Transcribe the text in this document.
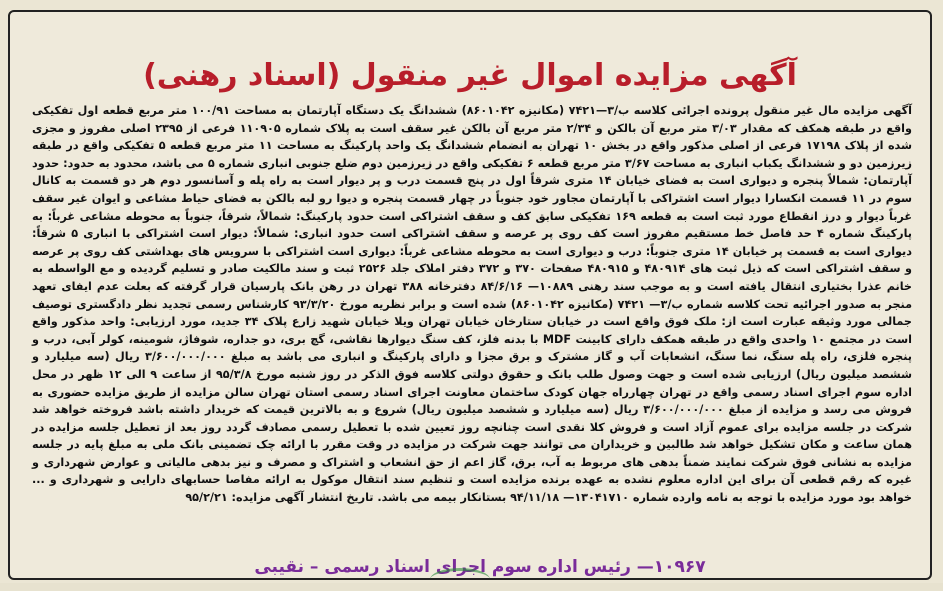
آگهی مزایده اموال غیر منقول (اسناد رهنی)
آگهی مزایده مال غیر منقول پرونده اجرائی کلاسه ب/۳—۷۴۲۱ (مکانیزه ۸۶۰۱۰۴۲) ششدانگ یک دستگاه آپارتمان به مساحت ۱۰۰/۹۱ متر مربع قطعه اول تفکیکی واقع در طبقه همکف که مقدار ۳/۰۳ متر مربع آن بالکن و ۲/۳۴ متر مربع آن بالکن غیر سقف است به پلاک شماره ۱۱۰۹۰۵ فرعی از ۲۳۹۵ اصلی مفروز و مجزی شده از پلاک ۱۷۱۹۸ فرعی از اصلی مذکور واقع در بخش ۱۰ تهران به انضمام ششدانگ یک واحد پارکینگ به مساحت ۱۱ متر مربع قطعه ۵ تفکیکی واقع در طبقه زیرزمین دو و ششدانگ یکباب انباری به مساحت ۳/۶۷ متر مربع قطعه ۶ تفکیکی واقع در زیرزمین دوم ضلع جنوبی انباری شماره ۵ می باشد، محدود به حدود: حدود آپارتمان: شمالاً پنجره و دیواری است به فضای خیابان ۱۴ متری شرقاً اول در پنج قسمت درب و پر دیوار است به راه پله و آسانسور دوم هر دو قسمت به کانال سوم در ۱۱ قسمت انکسارا دیوار است اشتراکی با آپارتمان مجاور خود جنوباً در چهار قسمت پنجره و دیوا رو لبه بالکن به فضای حیاط مشاعی و ایوان غیر سقف غرباً دیوار و درز انقطاع مورد ثبت است به قطعه ۱۶۹ تفکیکی سابق کف و سقف اشتراکی است حدود پارکینگ: شمالاً، شرقاً، جنوباً به محوطه مشاعی غرباً: به پارکینگ شماره ۴ حد فاصل خط مستقیم مفروز است کف روی پر عرصه و سقف اشتراکی است حدود انباری: شمالاً: دیوار است اشتراکی با انباری ۵ شرقاً: دیواری است به قسمت پر خیابان ۱۴ متری جنوباً: درب و دیواری است به محوطه مشاعی غرباً: دیواری است اشتراکی با سرویس های بهداشتی کف روی پر عرصه و سقف اشتراکی است که ذیل ثبت های ۴۸۰۹۱۴ و ۴۸۰۹۱۵ صفحات ۳۷۰ و ۳۷۲ دفتر املاک جلد ۲۵۲۶ ثبت و سند مالکیت صادر و تسلیم گردیده و مع الواسطه به خانم عذرا بختیاری انتقال یافته است و به موجب سند رهنی ۱۰۸۸۹— ۸۴/۶/۱۶ دفترخانه ۳۸۸ تهران در رهن بانک پارسیان قرار گرفته که بعلت عدم ایفای تعهد منجر به صدور اجرائیه تحت کلاسه شماره ب/۳— ۷۴۲۱ (مکانیزه ۸۶۰۱۰۴۲) شده است و برابر نظریه مورخ ۹۳/۳/۲۰ کارشناس رسمی تجدید نظر دادگستری توصیف جمالی مورد وثیقه عبارت است از: ملک فوق واقع است در خیابان ستارخان خیابان تهران ویلا خیابان شهید زارع پلاک ۳۴ جدید، مورد ارزیابی: واحد مذکور واقع است در مجتمع ۱۰ واحدی واقع در طبقه همکف دارای کابینت MDF با بدنه فلز، کف سنگ دیوارها نقاشی، گچ بری، دو جداره، شوفاژ، شومینه، کولر آبی، درب و پنجره فلزی، راه پله سنگ، نما سنگ، انشعابات آب و گاز مشترک و برق مجزا و دارای پارکینگ و انباری می باشد به مبلغ ۳/۶۰۰/۰۰۰/۰۰۰ ریال (سه میلیارد و ششصد میلیون ریال) ارزیابی شده است و جهت وصول طلب بانک و حقوق دولتی کلاسه فوق الذکر در روز شنبه مورخ ۹۵/۳/۸ از ساعت ۹ الی ۱۲ ظهر در محل اداره سوم اجرای اسناد رسمی واقع در تهران چهارراه جهان کودک ساختمان معاونت اجرای اسناد رسمی استان تهران سالن مزایده از طریق مزایده حضوری به فروش می رسد و مزایده از مبلغ ۳/۶۰۰/۰۰۰/۰۰۰ ریال (سه میلیارد و ششصد میلیون ریال) شروع و به بالاترین قیمت که خریدار داشته باشد فروخته خواهد شد شرکت در جلسه مزایده برای عموم آزاد است و فروش کلا نقدی است چنانچه روز تعیین شده با تعطیل رسمی مصادف گردد روز بعد از تعطیل جلسه مزایده در همان ساعت و مکان تشکیل خواهد شد طالبین و خریداران می توانند جهت شرکت در مزایده در وقت مقرر با ارائه چک تضمینی بانک ملی به مبلغ پایه در جلسه مزایده به نشانی فوق شرکت نمایند ضمناً بدهی های مربوط به آب، برق، گاز اعم از حق انشعاب و اشتراک و مصرف و نیز بدهی مالیاتی و عوارض شهرداری و غیره که رقم قطعی آن برای این اداره معلوم نشده به عهده برنده مزایده است و تنظیم سند انتقال موکول به ارائه مفاصا حسابهای دارایی و شهرداری و ... خواهد بود مورد مزایده با توجه به نامه وارده شماره ۱۳۰۴۱۷۱۰— ۹۴/۱۱/۱۸ بستانکار بیمه می باشد. تاریخ انتشار آگهی مزایده: ۹۵/۲/۲۱
۱۰۹۶۷— رئیس اداره سوم اجرای اسناد رسمی – نقیبی
